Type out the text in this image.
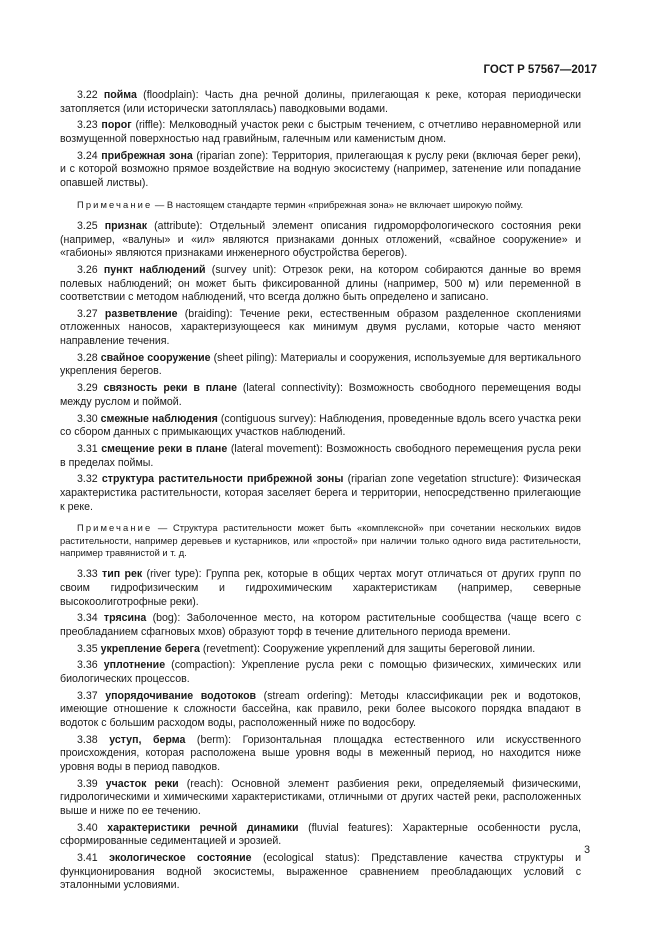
ГОСТ Р 57567—2017

3.22 пойма (floodplain): Часть дна речной долины, прилегающая к реке, которая периодически затопляется (или исторически затоплялась) паводковыми водами.

3.23 порог (riffle): Мелководный участок реки с быстрым течением, с отчетливо неравномерной или возмущенной поверхностью над гравийным, галечным или каменистым дном.

3.24 прибрежная зона (riparian zone): Территория, прилегающая к руслу реки (включая берег реки), и с которой возможно прямое воздействие на водную экосистему (например, затенение или попадание опавшей листвы).

Примечание — В настоящем стандарте термин «прибрежная зона» не включает широкую пойму.

3.25 признак (attribute): Отдельный элемент описания гидроморфологического состояния реки (например, «валуны» и «ил» являются признаками донных отложений, «свайное сооружение» и «габионы» являются признаками инженерного обустройства берегов).

3.26 пункт наблюдений (survey unit): Отрезок реки, на котором собираются данные во время полевых наблюдений; он может быть фиксированной длины (например, 500 м) или переменной в соответствии с методом наблюдений, что всегда должно быть определено и записано.

3.27 разветвление (braiding): Течение реки, естественным образом разделенное скоплениями отложенных наносов, характеризующееся как минимум двумя руслами, которые часто меняют направление течения.

3.28 свайное сооружение (sheet piling): Материалы и сооружения, используемые для вертикального укрепления берегов.

3.29 связность реки в плане (lateral connectivity): Возможность свободного перемещения воды между руслом и поймой.

3.30 смежные наблюдения (contiguous survey): Наблюдения, проведенные вдоль всего участка реки со сбором данных с примыкающих участков наблюдений.

3.31 смещение реки в плане (lateral movement): Возможность свободного перемещения русла реки в пределах поймы.

3.32 структура растительности прибрежной зоны (riparian zone vegetation structure): Физическая характеристика растительности, которая заселяет берега и территории, непосредственно прилегающие к реке.

Примечание — Структура растительности может быть «комплексной» при сочетании нескольких видов растительности, например деревьев и кустарников, или «простой» при наличии только одного вида растительности, например травянистой и т. д.

3.33 тип рек (river type): Группа рек, которые в общих чертах могут отличаться от других групп по своим гидрофизическим и гидрохимическим характеристикам (например, северные высокоолиготрофные реки).

3.34 трясина (bog): Заболоченное место, на котором растительные сообщества (чаще всего с преобладанием сфагновых мхов) образуют торф в течение длительного периода времени.

3.35 укрепление берега (revetment): Сооружение укреплений для защиты береговой линии.

3.36 уплотнение (compaction): Укрепление русла реки с помощью физических, химических или биологических процессов.

3.37 упорядочивание водотоков (stream ordering): Методы классификации рек и водотоков, имеющие отношение к сложности бассейна, как правило, реки более высокого порядка впадают в водоток с большим расходом воды, расположенный ниже по водосбору.

3.38 уступ, берма (berm): Горизонтальная площадка естественного или искусственного происхождения, которая расположена выше уровня воды в меженный период, но находится ниже уровня воды в период паводков.

3.39 участок реки (reach): Основной элемент разбиения реки, определяемый физическими, гидрологическими и химическими характеристиками, отличными от других частей реки, расположенных выше и ниже по ее течению.

3.40 характеристики речной динамики (fluvial features): Характерные особенности русла, сформированные седиментацией и эрозией.

3.41 экологическое состояние (ecological status): Представление качества структуры и функционирования водной экосистемы, выраженное сравнением преобладающих условий с эталонными условиями.

3
